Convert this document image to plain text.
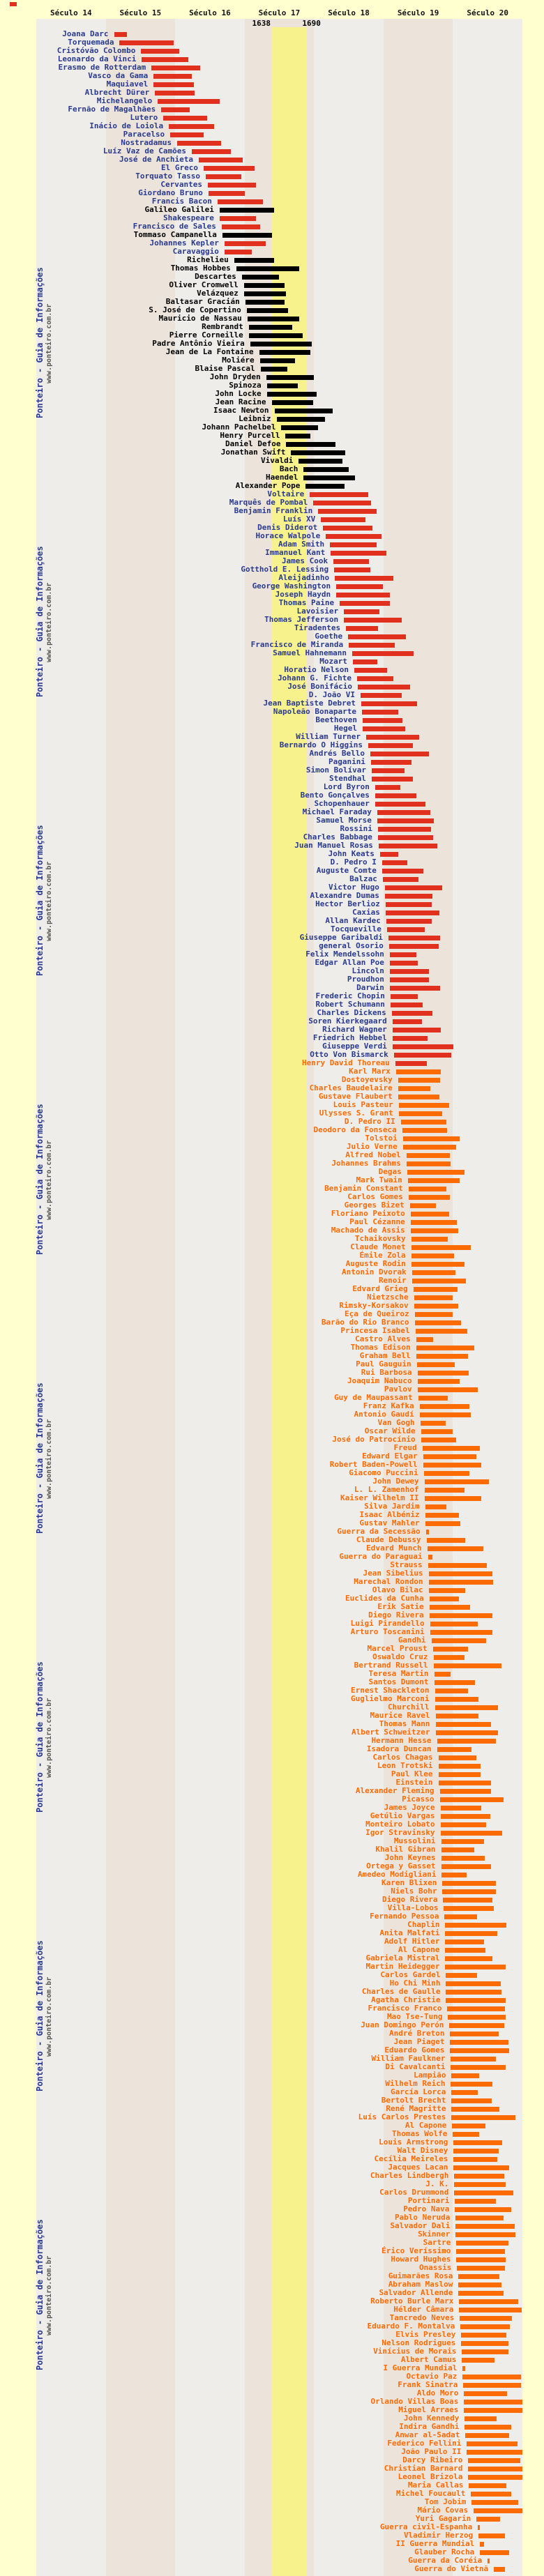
Século 14	Século 15	Século 16	Século 17	Século 18	Século 19	Século 20
1638	1690
Ponteiro - Guia de Informações www.ponteiro.com.br
Ponteiro - Guia de Informações www.ponteiro.com.br
Ponteiro - Guia de Informações www.ponteiro.com.br
Ponteiro - Guia de Informações www.ponteiro.com.br
Ponteiro - Guia de Informações www.ponteiro.com.br
Ponteiro - Guia de Informações www.ponteiro.com.br
Ponteiro - Guia de Informações www.ponteiro.com.br
Ponteiro - Guia de Informações www.ponteiro.com.br
Joana Darc
Torquemada
Cristóvão Colombo
Leonardo da Vinci
Erasmo de Rotterdam
Vasco da Gama
Maquiavel
Albrecht Dürer
Michelangelo
Fernão de Magalhães
Lutero
Inácio de Loiola
Paracelso
Nostradamus
Luíz Vaz de Camões
José de Anchieta
El Greco
Torquato Tasso
Cervantes
Giordano Bruno
Francis Bacon
Galileo Galilei
Shakespeare
Francisco de Sales
Tommaso Campanella
Johannes Kepler
Caravaggio
Richelieu
Thomas Hobbes
Descartes
Oliver Cromwell
Velázquez
Baltasar Gracián
S. José de Copertino
Mauricio de Nassau
Rembrandt
Pierre Corneille
Padre Antônio Vieira
Jean de La Fontaine
Moliére
Blaise Pascal
John Dryden
Spinoza
John Locke
Jean Racine
Isaac Newton
Leibniz
Johann Pachelbel
Henry Purcell
Daniel Defoe
Jonathan Swift
Vivaldi
Bach
Haendel
Alexander Pope
Voltaire
Marquês de Pombal
Benjamin Franklin
Luís XV
Denis Diderot
Horace Walpole
Adam Smith
Immanuel Kant
James Cook
Gotthold E. Lessing
Aleijadinho
George Washington
Joseph Haydn
Thomas Paine
Lavoisier
Thomas Jefferson
Tiradentes
Goethe
Francisco de Miranda
Samuel Hahnemann
Mozart
Horatio Nelson
Johann G. Fichte
José Bonifácio
D. João VI
Jean Baptiste Debret
Napoleão Bonaparte
Beethoven
Hegel
William Turner
Bernardo O Higgins
Andrés Bello
Paganini
Simon Bolívar
Stendhal
Lord Byron
Bento Gonçalves
Schopenhauer
Michael Faraday
Samuel Morse
Rossini
Charles Babbage
Juan Manuel Rosas
John Keats
D. Pedro I
Auguste Comte
Balzac
Victor Hugo
Alexandre Dumas
Hector Berlioz
Caxias
Allan Kardec
Tocqueville
Giuseppe Garibaldi
general Osorio
Felix Mendelssohn
Edgar Allan Poe
Lincoln
Proudhon
Darwin
Frederic Chopin
Robert Schumann
Charles Dickens
Soren Kierkegaard
Richard Wagner
Friedrich Hebbel
Giuseppe Verdi
Otto Von Bismarck
Henry David Thoreau
Karl Marx
Dostoyevsky
Charles Baudelaire
Gustave Flaubert
Louis Pasteur
Ulysses S. Grant
D. Pedro II
Deodoro da Fonseca
Tolstoi
Julio Verne
Alfred Nobel
Johannes Brahms
Degas
Mark Twain
Benjamin Constant
Carlos Gomes
Georges Bizet
Floriano Peixoto
Paul Cézanne
Machado de Assis
Tchaikovsky
Claude Monet
Émile Zola
Auguste Rodin
Antonin Dvorak
Renoir
Edvard Grieg
Nietzsche
Rimsky-Korsakov
Eça de Queiroz
Barão do Rio Branco
Princesa Isabel
Castro Alves
Thomas Edison
Graham Bell
Paul Gauguin
Rui Barbosa
Joaquim Nabuco
Pavlov
Guy de Maupassant
Franz Kafka
Antonio Gaudí
Van Gogh
Oscar Wilde
José do Patrocínio
Freud
Edward Elgar
Robert Baden-Powell
Giacomo Puccini
John Dewey
L. L. Zamenhof
Kaiser Wilhelm II
Silva Jardim
Isaac Albéniz
Gustav Mahler
Guerra da Secessão
Claude Debussy
Edvard Munch
Guerra do Paraguai
Strauss
Jean Sibelius
Marechal Rondon
Olavo Bilac
Euclides da Cunha
Erik Satie
Diego Rivera
Luigi Pirandello
Arturo Toscanini
Gandhi
Marcel Proust
Oswaldo Cruz
Bertrand Russell
Teresa Martin
Santos Dumont
Ernest Shackleton
Guglielmo Marconi
Churchill
Maurice Ravel
Thomas Mann
Albert Schweitzer
Hermann Hesse
Isadora Duncan
Carlos Chagas
Leon Trotski
Paul Klee
Einstein
Alexander Fleming
Picasso
James Joyce
Getúlio Vargas
Monteiro Lobato
Igor Stravinsky
Mussolini
Khalil Gibran
John Keynes
Ortega y Gasset
Amedeo Modigliani
Karen Blixen
Niels Bohr
Diego Rivera
Villa-Lobos
Fernando Pessoa
Chaplin
Anita Malfati
Adolf Hitler
Al Capone
Gabriela Mistral
Martin Heidegger
Carlos Gardel
Ho Chi Minh
Charles de Gaulle
Agatha Christie
Francisco Franco
Mao Tse-Tung
Juan Domingo Perón
André Breton
Jean Piaget
Eduardo Gomes
William Faulkner
Di Cavalcanti
Lampião
Wilhelm Reich
García Lorca
Bertolt Brecht
René Magritte
Luís Carlos Prestes
Al Capone
Thomas Wolfe
Louis Armstrong
Walt Disney
Cecília Meireles
Jacques Lacan
Charles Lindbergh
J. K.
Carlos Drummond
Portinari
Pedro Nava
Pablo Neruda
Salvador Dali
Skinner
Sartre
Érico Veríssimo
Howard Hughes
Onassis
Guimarães Rosa
Abraham Maslow
Salvador Allende
Roberto Burle Marx
Hélder Câmara
Tancredo Neves
Eduardo F. Montalva
Elvis Presley
Nelson Rodrigues
Vinícius de Morais
Albert Camus
I Guerra Mundial
Octavio Paz
Frank Sinatra
Aldo Moro
Orlando Villas Boas
Miguel Arraes
John Kennedy
Indira Gandhi
Anwar al-Sadat
Federico Fellini
João Paulo II
Darcy Ribeiro
Christian Barnard
Leonel Brizola
Maria Callas
Michel Foucault
Tom Jobim
Mário Covas
Yuri Gagarin
Guerra civil-Espanha
Vladimir Herzog
II Guerra Mundial
Glauber Rocha
Guerra da Coréia
Guerra do Vietnã
